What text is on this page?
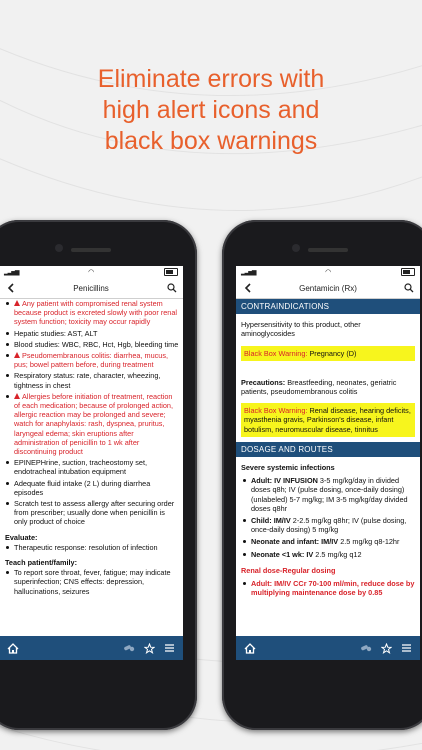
Eliminate errors with
high alert icons and
black box warnings
▂▃▅▆	◠
Penicillins
Any patient with compromised renal system because product is excreted slowly with poor renal system function; toxicity may occur rapidly
Hepatic studies: AST, ALT
Blood studies: WBC, RBC, Hct, Hgb, bleeding time
Pseudomembranous colitis: diarrhea, mucus, pus; bowel pattern before, during treatment
Respiratory status: rate, character, wheezing, tightness in chest
Allergies before initiation of treatment, reaction of each medication; because of prolonged action, allergic reaction may be prolonged and severe; watch for anaphylaxis: rash, dyspnea, pruritus, laryngeal edema; skin eruptions after administration of penicillin to 1 wk after discontinuing product
EPINEPHrine, suction, tracheostomy set, endotracheal intubation equipment
Adequate fluid intake (2 L) during diarrhea episodes
Scratch test to assess allergy after securing order from prescriber; usually done when penicillin is only product of choice
Evaluate:
Therapeutic response: resolution of infection
Teach patient/family:
To report sore throat, fever, fatigue; may indicate superinfection; CNS effects: depression, hallucinations, seizures
▂▃▅▆	◠
Gentamicin (Rx)
CONTRAINDICATIONS
Hypersensitivity to this product, other aminoglycosides
Black Box Warning: Pregnancy (D)
Precautions: Breastfeeding, neonates, geriatric patients, pseudomembranous colitis
Black Box Warning: Renal disease, hearing deficits, myasthenia gravis, Parkinson's disease, infant botulism, neuromuscular disease, tinnitus
DOSAGE AND ROUTES
Severe systemic infections
Adult: IV INFUSION 3-5 mg/kg/day in divided doses q8h; IV (pulse dosing, once-daily dosing) (unlabeled) 5-7 mg/kg; IM 3-5 mg/kg/day divided doses q8hr
Child: IM/IV 2-2.5 mg/kg q8hr; IV (pulse dosing, once-daily dosing) 5 mg/kg
Neonate and infant: IM/IV 2.5 mg/kg q8-12hr
Neonate <1 wk: IV 2.5 mg/kg q12
Renal dose-Regular dosing
Adult: IM/IV CCr 70-100 ml/min, reduce dose by multiplying maintenance dose by 0.85
